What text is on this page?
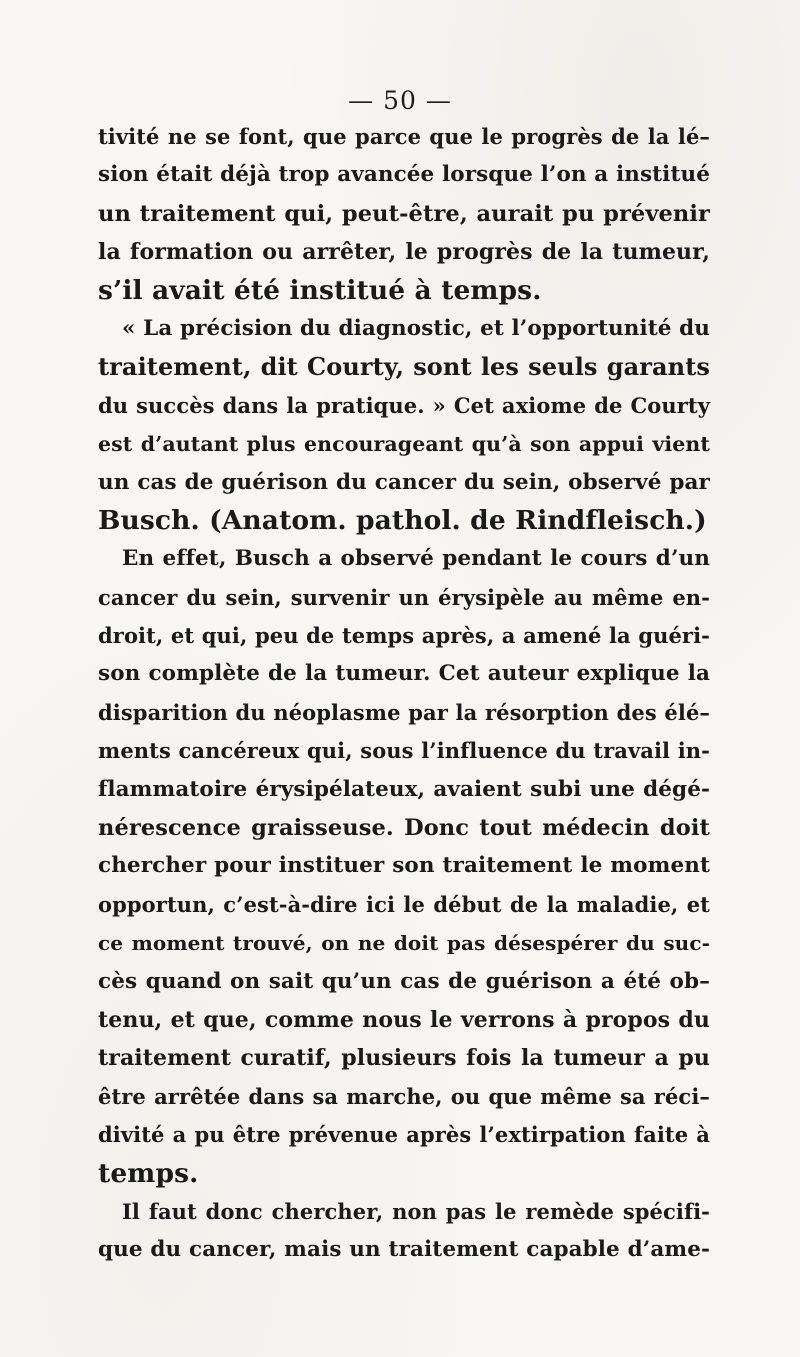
— 50 —
tivité ne se font, que parce que le progrès de la lé–
sion était déjà trop avancée lorsque l’on a institué
un traitement qui, peut-être, aurait pu prévenir
la formation ou arrêter, le progrès de la tumeur,
s’il avait été institué à temps.
« La précision du diagnostic, et l’opportunité du
traitement, dit Courty, sont les seuls garants
du succès dans la pratique. » Cet axiome de Courty
est d’autant plus encourageant qu’à son appui vient
un cas de guérison du cancer du sein, observé par
Busch. (Anatom. pathol. de Rindfleisch.)
En effet, Busch a observé pendant le cours d’un
cancer du sein, survenir un érysipèle au même en-
droit, et qui, peu de temps après, a amené la guéri-
son complète de la tumeur. Cet auteur explique la
disparition du néoplasme par la résorption des élé–
ments cancéreux qui, sous l’influence du travail in-
flammatoire érysipélateux, avaient subi une dégé-
nérescence graisseuse. Donc tout médecin doit
chercher pour instituer son traitement le moment
opportun, c’est-à-dire ici le début de la maladie, et
ce moment trouvé, on ne doit pas désespérer du suc-
cès quand on sait qu’un cas de guérison a été ob–
tenu, et que, comme nous le verrons à propos du
traitement curatif, plusieurs fois la tumeur a pu
être arrêtée dans sa marche, ou que même sa réci–
divité a pu être prévenue après l’extirpation faite à
temps.
Il faut donc chercher, non pas le remède spécifi-
que du cancer, mais un traitement capable d’ame-
